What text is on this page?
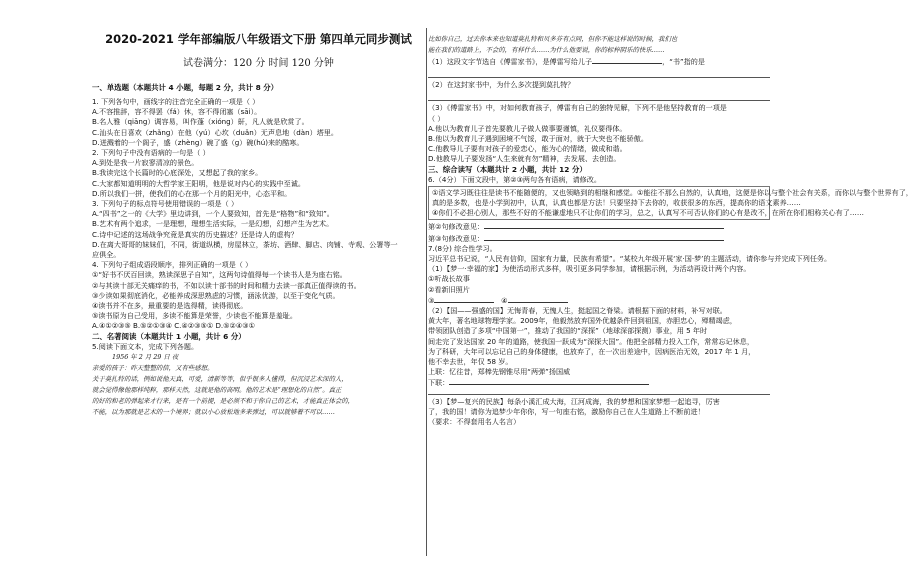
2020-2021 学年部编版八年级语文下册 第四单元同步测试
试卷满分：120 分 时间 120 分钟
一、单选题（本题共计 4 小题，每题 2 分，共计 8 分）
1. 下列各句中，画线字的注音完全正确的一项是（ ）
A.不容推辞，容不得罢（fá）休，容不得闭塞（sāi）。
B.名人雅（qiāng）调容易，叫作蓬（xióng）鼾，凡人就是欣赏了。
C.汕头在日喜欢（zhǎnɡ）在他（yú）心坎（duǎn）无声息地（dàn）塔里。
D.迸溅着的一个阁子，盛（zhèng）碗了盛（ɡ）碗(hú)来的酷寒。
2. 下列句子中没有语病的一句是（ ）
A.到处是我一片寂寥清凉的景色。
B.我读完这个长篇时的心底深处，又想起了我的家乡。
C.大家都知道明明的大哲学家王阳明，他是说对内心的实践中至诚。
D.所以我们一拼，使我们的心在那一个月的阳光中，心态平和。
3. 下列句子的标点符号使用错误的一项是（ ）
A.“四书”之一的《大学》里边讲到，一个人要致知，首先是“格物”和“致知”。
B.艺术有两个追求，一是理想，理想生活实际，一是幻想，幻想产生为艺术。
C.诗中记述的这场战争究竟是真实的历史描述？还是诗人的虚构？
D.在离大哥哥的妹妹们，不同，街道纵横，房屋林立，茶坊、酒肆、脚店、肉铺、寺观、公署等一
应俱全。
4. 下列句子组成语段顺序，排列正确的一项是（ ）
①“好书不厌百回读，熟读深思子自知”，这两句诗值得每一个读书人是为座右铭。
②与其读十部无关痛痒的书，不如以读十部书的时间和精力去读一部真正值得读的书。
③少读如果彻底消化，必能养成深思熟虑的习惯，涵泳优游，以至于变化气质。
④读书并不在多，最重要的是选得精，读得彻底。
⑤读书原为自己受用，多读不能算是荣誉，少读也不能算是羞耻。
A.④①②③⑤ B.⑤②①③④ C.④②③⑤① D.⑤②④③①
二、名著阅读（本题共计 1 小题，共计 6 分）
5.阅读下面文本，完成下列各题。
1956 年 2 月 29 日 夜
亲爱的孩子：昨天整整的信，又有些感想。
关于莫扎特的话，例如说他天真，可爱，清新等等，似乎很多人懂得，但沉浸艺术深的人，
就会觉得像他那样纯粹，那样天然，这就是他的高明。他的艺术是“理想化的自然”。真正
的好的和老的弹起来才行来，是有一个前提，是必须不和于你自己的艺术，才能真正体会的，
不能，以为那就是艺术的一个境界；就以小心放松地多来弹过，可以就够着不可以……
比如你自己，过去你本来也知道莫扎特和贝多芬有点同，但你不能这样说的时候，我们也
能在我们的道路上，不会的，有样什么……为什么他要说，你的标梓阴乐的快乐……
（1）这段文字节选自《傅雷家书》，是傅雷写给儿子	，“书”指的是
（2）在这封家书中，为什么多次提到莫扎特？
（3）《傅雷家书》中，对如何教育孩子，傅雷有自己的独特见解，下列不是他坚持教育的一项是
（ ）
A.他以为教育儿子首先要教儿子做人做事要谨慎，礼仪要得体。
B.他以为教育儿子遇到困境不气馁，敢于面对，就于大突也不能骄傲。
C.他教导儿子要有对孩子的爱恋心，能为心的情绪，做成和谐。
D.他教导儿子要发扬“人生来就有勿”精神，去发展、去创造。
三、综合读写（本题共计 2 小题，共计 12 分）
6.（4分）下面文段中，第②③两句各有语病，请修改。
①语文学习既往往是读书不能随便的，又也领略到的相继和感觉。①能往不那么自然的，认真地，这便是你以与整个社会有关系，而你以与整个世界有了，
真的是多数，也是小学到初中，认真，认真也都是方法！只要坚持下去你的，收获很多的东西，提高你的语文素养……
④你们不必担心别人，那些不好的不能谦虚地只不让你们的学习，总之，认真写不可否认你们的心有是改不，在所在你们相称关心有了……
第②句修改意见：
第③句修改意见：
7.(8分) 综合性学习。
习近平总书记说，“人民有信仰，国家有力量，民族有希望”。“某校九年级开展‘家·国·梦’的主题活动，请你参与并完成下列任务。
（1）【梦一·幸福的家】为使活动形式多样，吸引更多同学参加，请根据示例，为活动再设计两个内容。
①听战长故事
②看新旧照片
③	④
（2）【国——强盛的国】无悔青春，无愧人生，挺起国之脊梁。请根据下面的材料，补写对联。
黄大年，著名地球物理学家。2009年，他毅然放弃国外优越条件回到祖国，赤胆忠心，殚精竭虑，
带领团队创造了多项“中国第一”，推动了我国的“深探”（地球深部探测）事业，用 5 年时
间走完了发达国家 20 年的道路，使我国一跃成为“深探大国”。他把全部精力投入工作，常常忘记休息，
为了科研，大年可以忘记自己的身体健康，也放弃了，在一次出差途中，因病医治无效，2017 年 1 月，
他不幸去世，年仅 58 岁。
上联：忆往昔，郑棒先钢锥尽用“两弹”扬国威
下联：
（3）【梦—复兴的民族】每条小溪汇成大海，江河成海，我的梦想和国家梦想一起追寻，厉害
了，我的国！请你为追梦少年你你，写一句座右铭，激励你自己在人生道路上不断前进！
（要求：不得套用名人名言）
